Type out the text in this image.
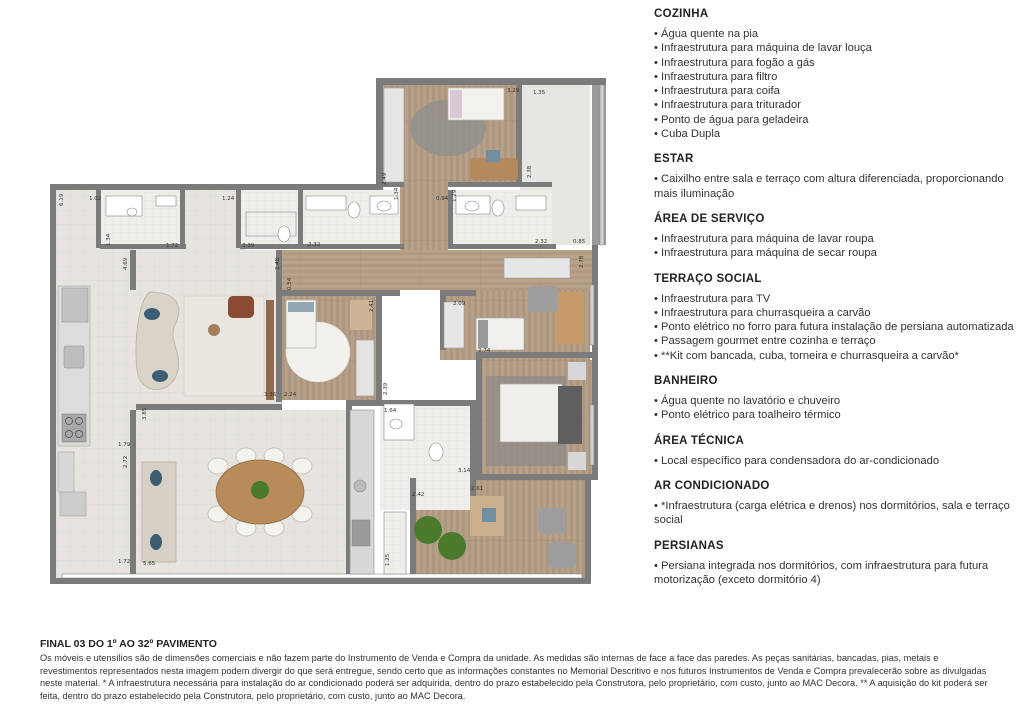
3.29	1.35
2.49
2.38
0.94 1.29
1.24	1.34
2.32	0.85
6.19	1.02
1.34	1.72	3.39	2.32
4.69	2.48
0.54
2.41	2.09
2.74
2.39
3.36 2.24
3.85	1.64
1.79
2.72
3.14
2.42
2.61
1.72 5.65	1.25
2.78
COZINHA
• Água quente na pia
• Infraestrutura para máquina de lavar louça
• Infraestrutura para fogão a gás
• Infraestrutura para filtro
• Infraestrutura para coifa
• Infraestrutura para triturador
• Ponto de água para geladeira
• Cuba Dupla
ESTAR
• Caixilho entre sala e terraço com altura diferenciada, proporcionando mais iluminação
ÁREA DE SERVIÇO
• Infraestrutura para máquina de lavar roupa
• Infraestrutura para máquina de secar roupa
TERRAÇO SOCIAL
• Infraestrutura para TV
• Infraestrutura para churrasqueira a carvão
• Ponto elétrico no forro para futura instalação de persiana automatizada
• Passagem gourmet entre cozinha e terraço
• **Kit com bancada, cuba, torneira e churrasqueira a carvão*
BANHEIRO
• Água quente no lavatório e chuveiro
• Ponto elétrico para toalheiro térmico
ÁREA TÉCNICA
• Local específico para condensadora do ar-condicionado
AR CONDICIONADO
• *Infraestrutura (carga elétrica e drenos) nos dormitórios, sala e terraço social
PERSIANAS
• Persiana integrada nos dormitórios, com infraestrutura para futura motorização (exceto dormitório 4)
FINAL 03 DO 1º AO 32º PAVIMENTO

Os móveis e utensílios são de dimensões comerciais e não fazem parte do Instrumento de Venda e Compra da unidade. As medidas são internas de face a face das paredes. As peças sanitárias, bancadas, pias, metais e revestimentos representados nesta imagem podem divergir do que será entregue, sendo certo que as informações constantes no Memorial Descritivo e nos futuros Instrumentos de Venda e Compra prevalecerão sobre as divulgadas neste material. * A infraestrutura necessária para instalação do ar condicionado poderá ser adquirida, dentro do prazo estabelecido pela Construtora, pelo proprietário, com custo, junto ao MAC Decora. ** A aquisição do kit poderá ser feita, dentro do prazo estabelecido pela Construtora, pelo proprietário, com custo, junto ao MAC Decora.
